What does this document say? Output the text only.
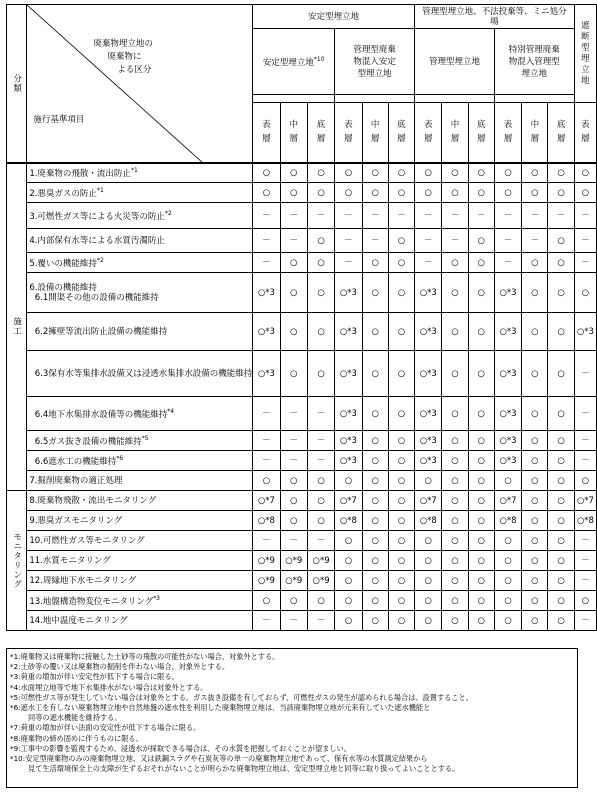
分類	廃棄物埋立地の
廃棄物に
よる区分
施行基準項目	安定型埋立地						管理型埋立地、不法投棄等、ミニ処分場						遮断型埋立地

		安定型埋立地$^{*10}$			管理型廃棄物混入安定型埋立地			管理型埋立地			特別管理廃棄物混入管理型埋立地			

		表層	中層	底層	表層	中層	底層	表層	中層	底層	表層	中層	底層	表層

施工	1.廃棄物の飛散・流出防止$^{*1}$	○	○	○	○	○	○	○	○	○	○	○	○	○
	2.悪臭ガスの防止$^{*1}$	○	○	○	○	○	○	○	○	○	○	○	○	○
	3.可燃性ガス等による火災等の防止$^{*2}$	－	－	－	－	－	－	－	－	－	－	－	－	－
	4.内部保有水等による水質汚濁防止	－	－	○	－	－	○	－	－	○	－	－	○	－
	5.覆いの機能維持$^{*2}$	－	○	○	－	○	○	－	○	○	－	○	○	－
	6.設備の機能維持
6.1開渠その他の設備の機能維持	○*3	○	○	○*3	○	○	○*3	○	○	○*3	○	○	○
	6.2擁壁等流出防止設備の機能維持	○*3	○	○	○*3	○	○	○*3	○	○	○*3	○	○	○*3
	6.3保有水等集排水設備又は浸透水集排水設備の機能維持	○*3	○	○	○*3	○	○	○*3	○	○	○*3	○	○	－
	6.4地下水集排水設備等の機能維持$^{*4}$	－	－	－	○*3	○	○	○*3	○	○	○*3	○	○	－
	6.5ガス抜き設備の機能維持$^{*5}$	－	－	－	○*3	○	○	○*3	○	○	○*3	○	○	－
	6.6遮水工の機能維持$^{*6}$	－	－	－	○*3	○	○	○*3	○	○	○*3	○	○	－
	7.掘削廃棄物の適正処理	○	○	○	○	○	○	○	○	○	○	○	○	○
モニタリング	8.廃棄物飛散・流出モニタリング	○*7	○	○	○*7	○	○	○*7	○	○	○*7	○	○	○*7
	9.悪臭ガスモニタリング	○*8	○	○	○*8	○	○	○*8	○	○	○*8	○	○	○*8
	10.可燃性ガス等モニタリング	－	－	－	○	○	○	○	○	○	○	○	○	－
	11.水質モニタリング	○*9	○*9	○*9	○	○	○	○	○	○	○	○	○	－
	12.周縁地下水モニタリング	○*9	○*9	○*9	○	○	○	○	○	○	○	○	○	－
	13.地盤構造物変位モニタリング$^{*3}$	○	○	○	○	○	○	○	○	○	○	○	○	○
	14.地中温度モニタリング	－	－	－	○	○	○	○	○	○	○	○	○	－
*1:廃棄物又は廃棄物に接触した土砂等の飛散の可能性がない場合、対象外とする。
*2:土砂等の覆い又は廃棄物の掘削を伴わない場合、対象外とする。
*3:荷重の増加が伴い安定性が低下する場合に限る。
*4:水面埋立地等で地下水集排水がない場合は対象外とする。
*5:可燃性ガス等が発生していない場合は対象外とする。ガス抜き設備を有しておらず、可燃性ガスの発生が認められる場合は、設置すること。
*6:遮水工を有しない廃棄物埋立地や自然地盤の遮水性を利用した廃棄物埋立地は、当該廃棄物埋立地が元来有していた遮水機能と
同等の遮水機能を維持する。
*7:荷重の増加が伴い法面の安定性が低下する場合に限る。
*8:廃棄物の締め固めに伴うものに限る。
*9:工事中の影響を監視するため、浸透水が採取できる場合は、その水質を把握しておくことが望ましい。
*10:安定型廃棄物のみの廃棄物埋立地、又は鉄鋼スラグや石炭灰等の単一の廃棄物埋立地であって、保有水等の水質測定結果から
見て生活環境保全上の支障が生ずるおそれがないことが明らかな廃棄物埋立地は、安定型埋立地と同等に取り扱ってよいこととする。
